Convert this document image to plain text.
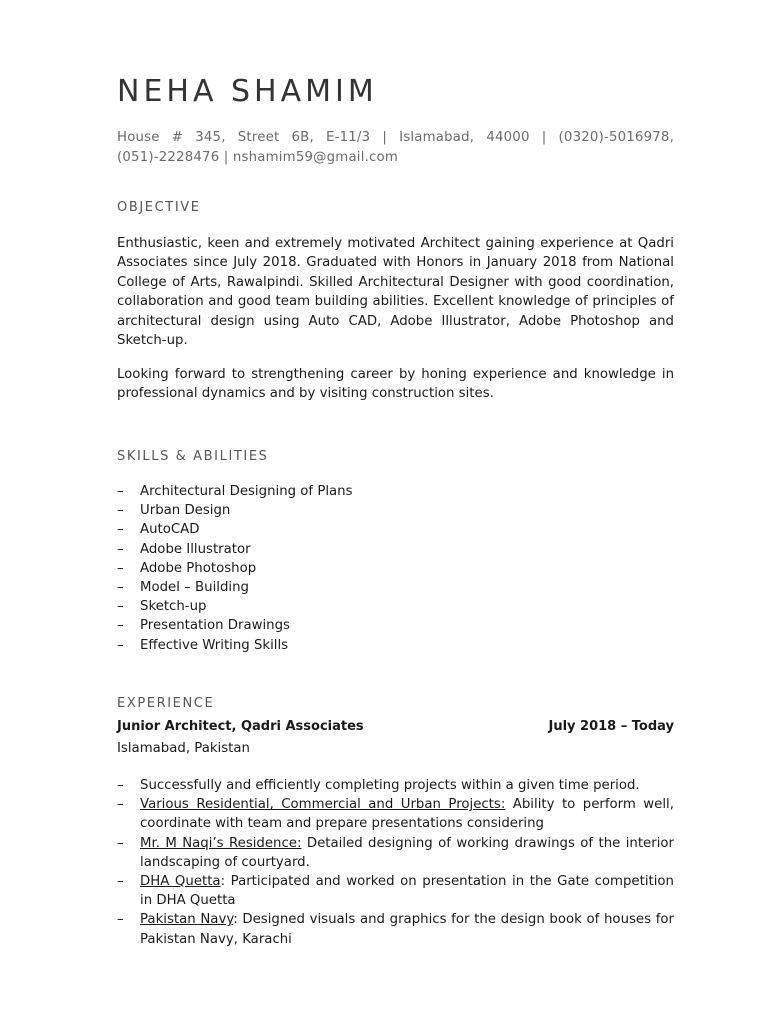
NEHA SHAMIM
House # 345, Street 6B, E-11/3 | Islamabad, 44000 | (0320)-5016978, (051)-2228476 | nshamim59@gmail.com
OBJECTIVE

Enthusiastic, keen and extremely motivated Architect gaining experience at Qadri Associates since July 2018. Graduated with Honors in January 2018 from National College of Arts, Rawalpindi. Skilled Architectural Designer with good coordination, collaboration and good team building abilities. Excellent knowledge of principles of architectural design using Auto CAD, Adobe Illustrator, Adobe Photoshop and Sketch-up.

Looking forward to strengthening career by honing experience and knowledge in professional dynamics and by visiting construction sites.

SKILLS & ABILITIES
– Architectural Designing of Plans
– Urban Design
– AutoCAD
– Adobe Illustrator
– Adobe Photoshop
– Model – Building
– Sketch-up
– Presentation Drawings
– Effective Writing Skills
EXPERIENCE
Junior Architect, Qadri Associates	July 2018 – Today
Islamabad, Pakistan
– Successfully and efficiently completing projects within a given time period.
– Various Residential, Commercial and Urban Projects: Ability to perform well, coordinate with team and prepare presentations considering
– Mr. M Naqi’s Residence: Detailed designing of working drawings of the interior landscaping of courtyard.
– DHA Quetta: Participated and worked on presentation in the Gate competition in DHA Quetta
– Pakistan Navy: Designed visuals and graphics for the design book of houses for Pakistan Navy, Karachi
